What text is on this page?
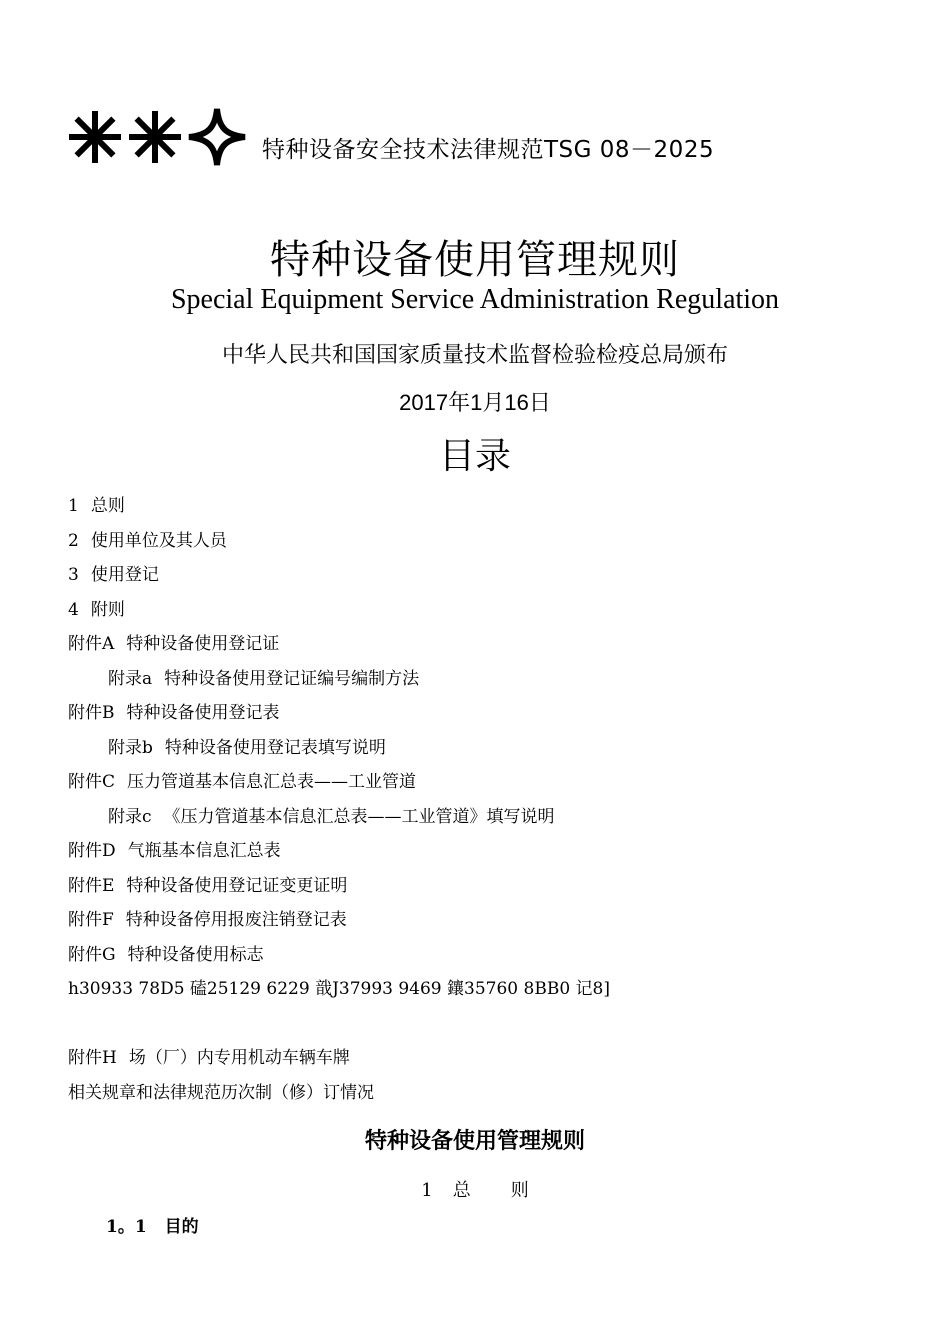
特种设备安全技术法律规范TSG 08－2025
特种设备使用管理规则
Special Equipment Service Administration Regulation
中华人民共和国国家质量技术监督检验检疫总局颁布
2017年1月16日
目录
1 总则
2 使用单位及其人员
3 使用登记
4 附则
附件A 特种设备使用登记证
附录a 特种设备使用登记证编号编制方法
附件B 特种设备使用登记表
附录b 特种设备使用登记表填写说明
附件C 压力管道基本信息汇总表——工业管道
附录c 《压力管道基本信息汇总表——工业管道》填写说明
附件D 气瓶基本信息汇总表
附件E 特种设备使用登记证变更证明
附件F 特种设备停用报废注销登记表
附件G 特种设备使用标志
h30933 78D5 磕25129 6229 戠J37993 9469 鑲35760 8BB0 记8]
附件H 场（厂）内专用机动车辆车牌
相关规章和法律规范历次制（修）订情况
特种设备使用管理规则
1 总 则
1。1 目的
